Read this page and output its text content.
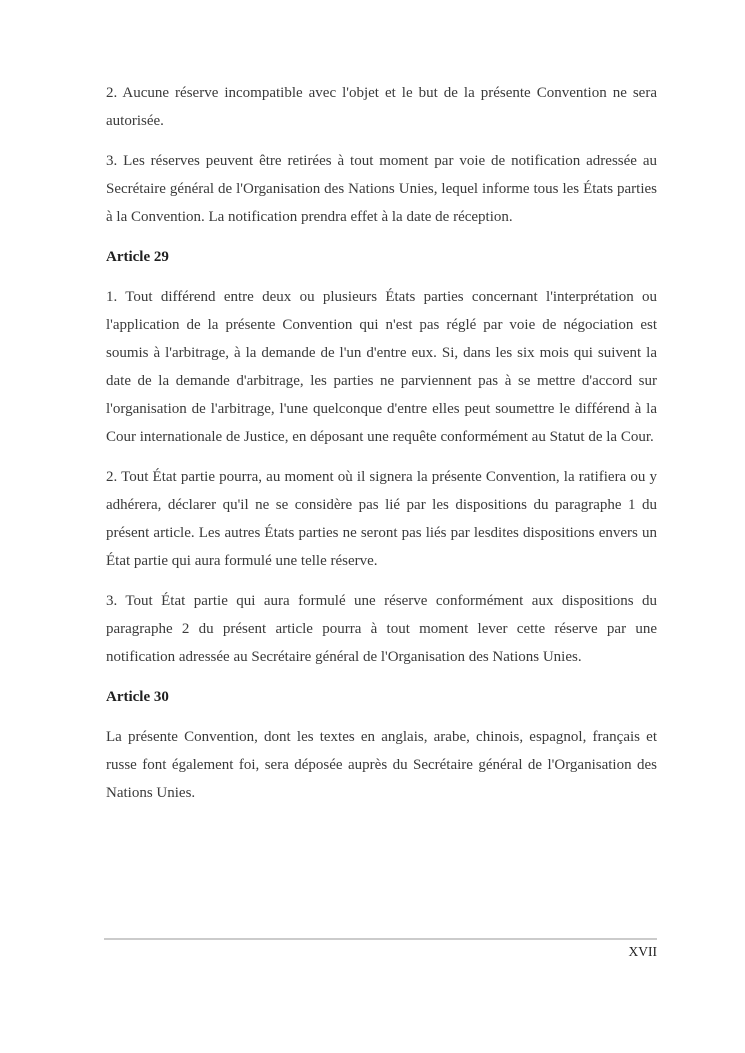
2. Aucune réserve incompatible avec l'objet et le but de la présente Convention ne sera autorisée.

3. Les réserves peuvent être retirées à tout moment par voie de notification adressée au Secrétaire général de l'Organisation des Nations Unies, lequel informe tous les États parties à la Convention. La notification prendra effet à la date de réception.

Article 29

1. Tout différend entre deux ou plusieurs États parties concernant l'interprétation ou l'application de la présente Convention qui n'est pas réglé par voie de négociation est soumis à l'arbitrage, à la demande de l'un d'entre eux. Si, dans les six mois qui suivent la date de la demande d'arbitrage, les parties ne parviennent pas à se mettre d'accord sur l'organisation de l'arbitrage, l'une quelconque d'entre elles peut soumettre le différend à la Cour internationale de Justice, en déposant une requête conformément au Statut de la Cour.

2. Tout État partie pourra, au moment où il signera la présente Convention, la ratifiera ou y adhérera, déclarer qu'il ne se considère pas lié par les dispositions du paragraphe 1 du présent article. Les autres États parties ne seront pas liés par lesdites dispositions envers un État partie qui aura formulé une telle réserve.

3. Tout État partie qui aura formulé une réserve conformément aux dispositions du paragraphe 2 du présent article pourra à tout moment lever cette réserve par une notification adressée au Secrétaire général de l'Organisation des Nations Unies.

Article 30

La présente Convention, dont les textes en anglais, arabe, chinois, espagnol, français et russe font également foi, sera déposée auprès du Secrétaire général de l'Organisation des Nations Unies.

XVII
